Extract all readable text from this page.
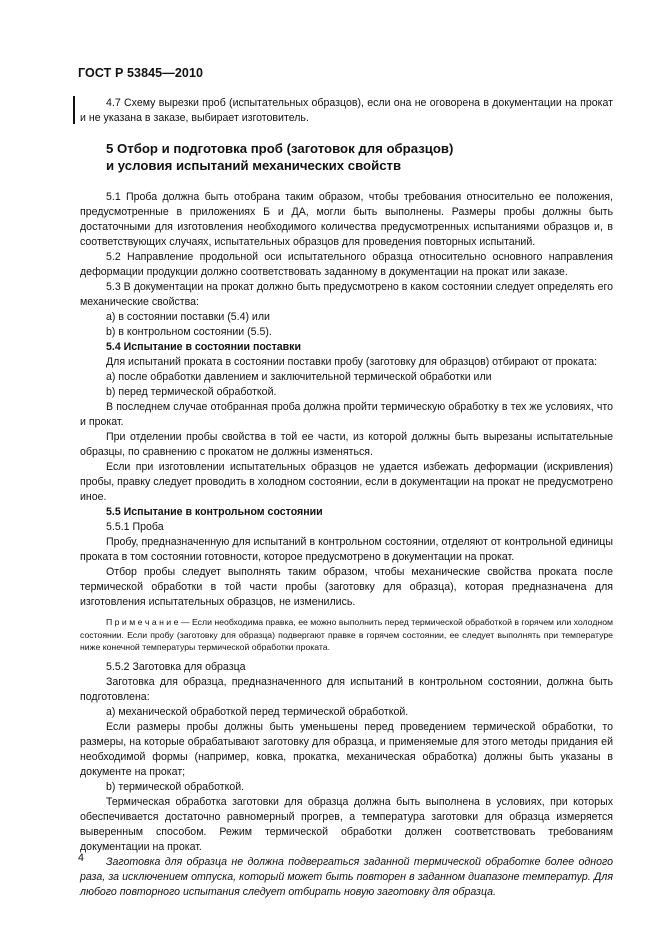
ГОСТ Р 53845—2010

4.7 Схему вырезки проб (испытательных образцов), если она не оговорена в документации на прокат и не указана в заказе, выбирает изготовитель.

5 Отбор и подготовка проб (заготовок для образцов)
и условия испытаний механических свойств

5.1 Проба должна быть отобрана таким образом, чтобы требования относительно ее положения, предусмотренные в приложениях Б и ДА, могли быть выполнены. Размеры пробы должны быть достаточными для изготовления необходимого количества предусмотренных испытаниями образцов и, в соответствующих случаях, испытательных образцов для проведения повторных испытаний.

5.2 Направление продольной оси испытательного образца относительно основного направления деформации продукции должно соответствовать заданному в документации на прокат или заказе.

5.3 В документации на прокат должно быть предусмотрено в каком состоянии следует определять его механические свойства:

а) в состоянии поставки (5.4) или

b) в контрольном состоянии (5.5).

5.4 Испытание в состоянии поставки

Для испытаний проката в состоянии поставки пробу (заготовку для образцов) отбирают от проката:

а) после обработки давлением и заключительной термической обработки или

b) перед термической обработкой.

В последнем случае отобранная проба должна пройти термическую обработку в тех же условиях, что и прокат.

При отделении пробы свойства в той ее части, из которой должны быть вырезаны испытательные образцы, по сравнению с прокатом не должны изменяться.

Если при изготовлении испытательных образцов не удается избежать деформации (искривления) пробы, правку следует проводить в холодном состоянии, если в документации на прокат не предусмотрено иное.

5.5 Испытание в контрольном состоянии

5.5.1 Проба

Пробу, предназначенную для испытаний в контрольном состоянии, отделяют от контрольной единицы проката в том состоянии готовности, которое предусмотрено в документации на прокат.

Отбор пробы следует выполнять таким образом, чтобы механические свойства проката после термической обработки в той части пробы (заготовку для образца), которая предназначена для изготовления испытательных образцов, не изменились.

П р и м е ч а н и е — Если необходима правка, ее можно выполнить перед термической обработкой в горячем или холодном состоянии. Если пробу (заготовку для образца) подвергают правке в горячем состоянии, ее следует выполнять при температуре ниже конечной температуры термической обработки проката.

5.5.2 Заготовка для образца

Заготовка для образца, предназначенного для испытаний в контрольном состоянии, должна быть подготовлена:

а) механической обработкой перед термической обработкой.

Если размеры пробы должны быть уменьшены перед проведением термической обработки, то размеры, на которые обрабатывают заготовку для образца, и применяемые для этого методы придания ей необходимой формы (например, ковка, прокатка, механическая обработка) должны быть указаны в документе на прокат;

b) термической обработкой.

Термическая обработка заготовки для образца должна быть выполнена в условиях, при которых обеспечивается достаточно равномерный прогрев, а температура заготовки для образца измеряется выверенным способом. Режим термической обработки должен соответствовать требованиям документации на прокат.

Заготовка для образца не должна подвергаться заданной термической обработке более одного раза, за исключением отпуска, который может быть повторен в заданном диапазоне температур. Для любого повторного испытания следует отбирать новую заготовку для образца.

4
